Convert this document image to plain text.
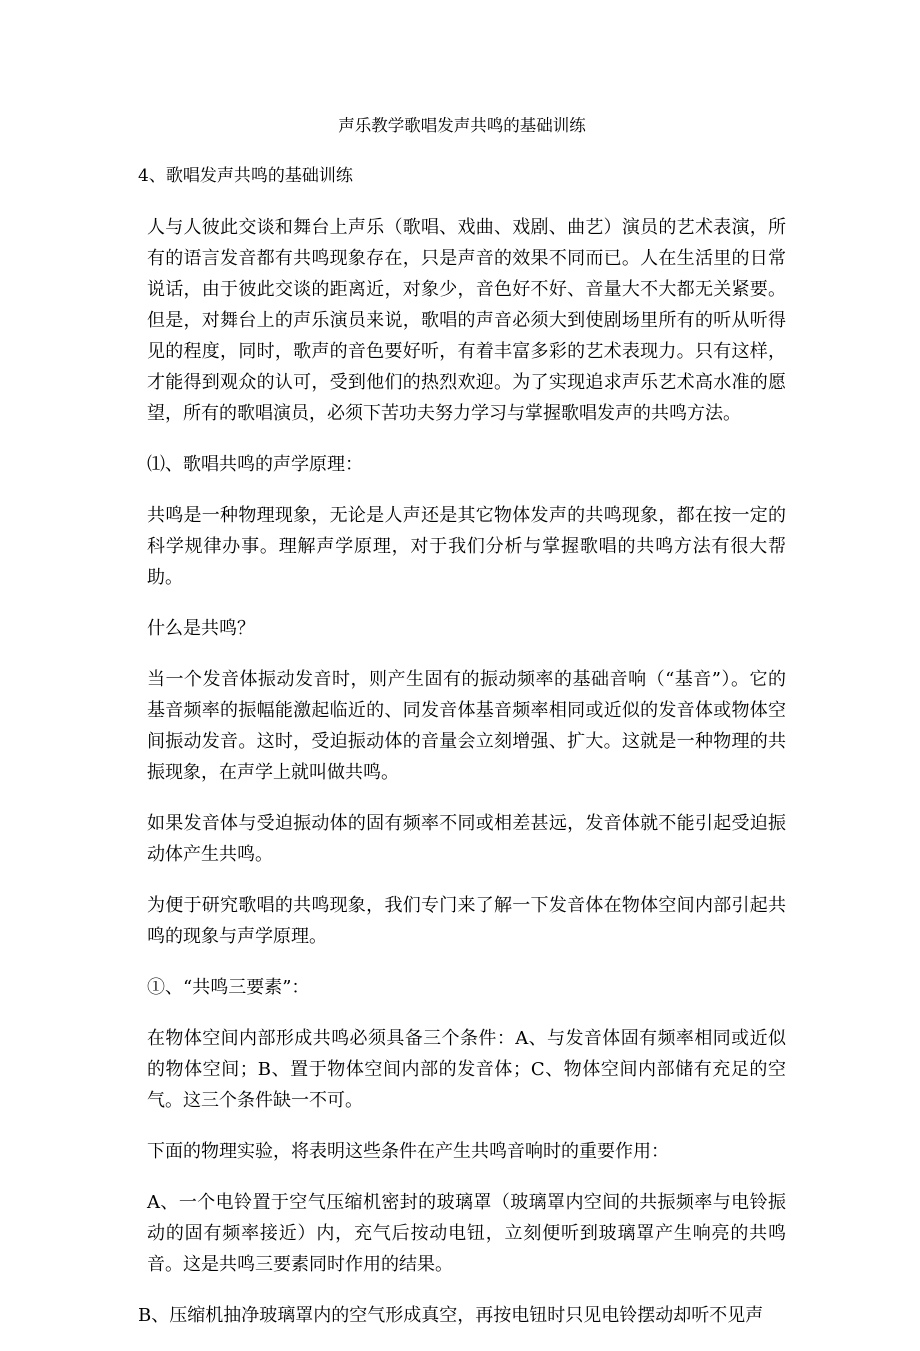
声乐教学歌唱发声共鸣的基础训练
4、歌唱发声共鸣的基础训练

人与人彼此交谈和舞台上声乐（歌唱、戏曲、戏剧、曲艺）演员的艺术表演，所有的语言发音都有共鸣现象存在，只是声音的效果不同而已。人在生活里的日常说话，由于彼此交谈的距离近，对象少，音色好不好、音量大不大都无关紧要。但是，对舞台上的声乐演员来说，歌唱的声音必须大到使剧场里所有的听从听得见的程度，同时，歌声的音色要好听，有着丰富多彩的艺术表现力。只有这样，才能得到观众的认可，受到他们的热烈欢迎。为了实现追求声乐艺术高水准的愿望，所有的歌唱演员，必须下苦功夫努力学习与掌握歌唱发声的共鸣方法。

⑴、歌唱共鸣的声学原理：

共鸣是一种物理现象，无论是人声还是其它物体发声的共鸣现象，都在按一定的科学规律办事。理解声学原理，对于我们分析与掌握歌唱的共鸣方法有很大帮助。

什么是共鸣？

当一个发音体振动发音时，则产生固有的振动频率的基础音响（“基音”）。它的基音频率的振幅能激起临近的、同发音体基音频率相同或近似的发音体或物体空间振动发音。这时，受迫振动体的音量会立刻增强、扩大。这就是一种物理的共振现象，在声学上就叫做共鸣。

如果发音体与受迫振动体的固有频率不同或相差甚远，发音体就不能引起受迫振动体产生共鸣。

为便于研究歌唱的共鸣现象，我们专门来了解一下发音体在物体空间内部引起共鸣的现象与声学原理。

①、“共鸣三要素”：

在物体空间内部形成共鸣必须具备三个条件：A、与发音体固有频率相同或近似的物体空间；B、置于物体空间内部的发音体；C、物体空间内部储有充足的空气。这三个条件缺一不可。

下面的物理实验，将表明这些条件在产生共鸣音响时的重要作用：

A、一个电铃置于空气压缩机密封的玻璃罩（玻璃罩内空间的共振频率与电铃振动的固有频率接近）内，充气后按动电钮，立刻便听到玻璃罩产生响亮的共鸣音。这是共鸣三要素同时作用的结果。

B、压缩机抽净玻璃罩内的空气形成真空，再按电钮时只见电铃摆动却听不见声
